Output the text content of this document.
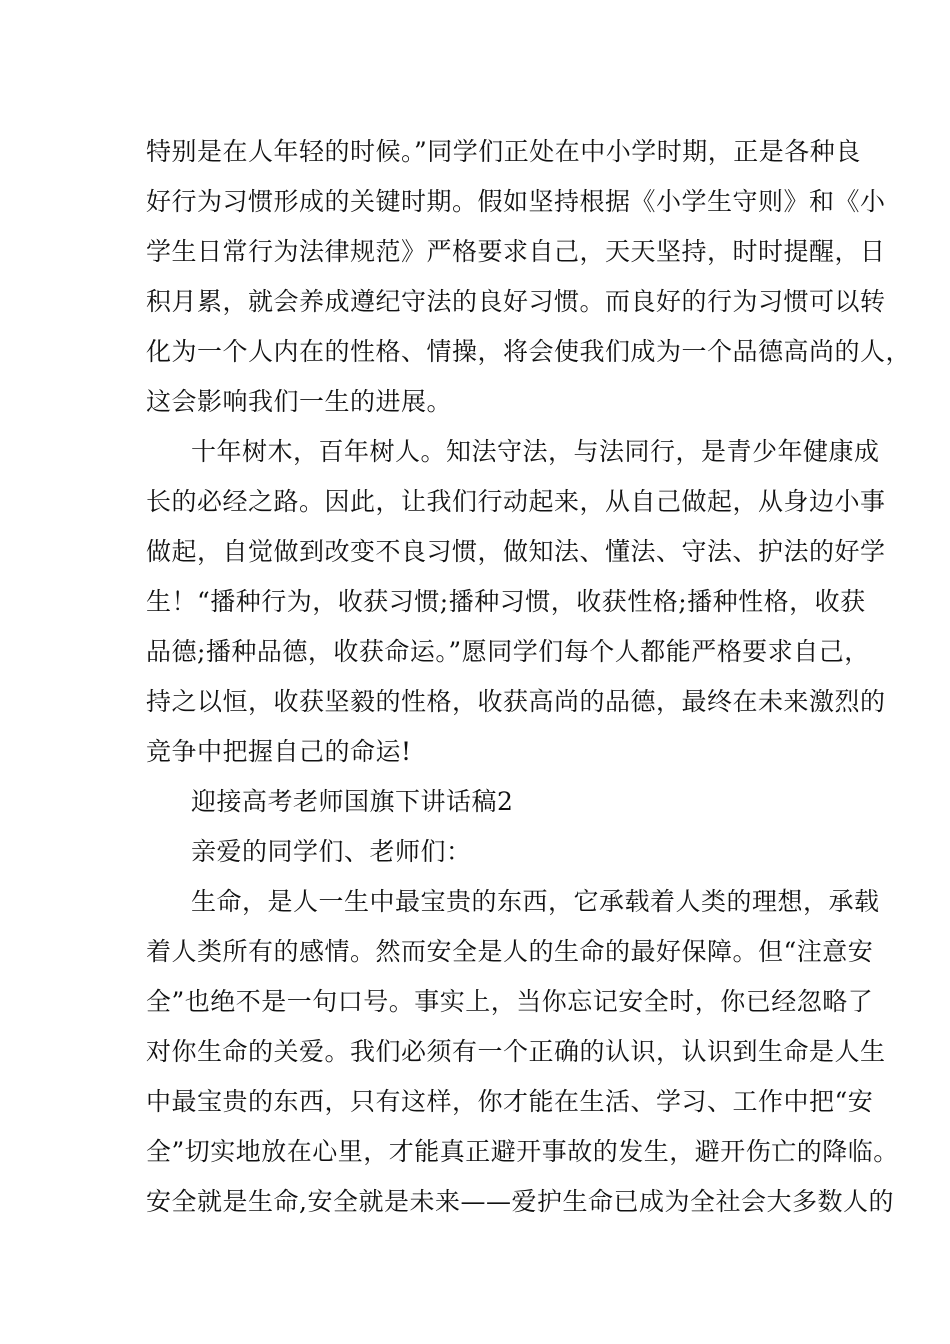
特别是在人年轻的时候。”同学们正处在中小学时期，正是各种良
好行为习惯形成的关键时期。假如坚持根据《小学生守则》和《小
学生日常行为法律规范》严格要求自己，天天坚持，时时提醒，日
积月累，就会养成遵纪守法的良好习惯。而良好的行为习惯可以转
化为一个人内在的性格、情操，将会使我们成为一个品德高尚的人，
这会影响我们一生的进展。
十年树木，百年树人。知法守法，与法同行，是青少年健康成
长的必经之路。因此，让我们行动起来，从自己做起，从身边小事
做起，自觉做到改变不良习惯，做知法、懂法、守法、护法的好学
生！“播种行为，收获习惯;播种习惯，收获性格;播种性格，收获
品德;播种品德，收获命运。”愿同学们每个人都能严格要求自己，
持之以恒，收获坚毅的性格，收获高尚的品德，最终在未来激烈的
竞争中把握自己的命运!
迎接高考老师国旗下讲话稿2
亲爱的同学们、老师们：
生命，是人一生中最宝贵的东西，它承载着人类的理想，承载
着人类所有的感情。然而安全是人的生命的最好保障。但“注意安
全”也绝不是一句口号。事实上，当你忘记安全时，你已经忽略了
对你生命的关爱。我们必须有一个正确的认识，认识到生命是人生
中最宝贵的东西，只有这样，你才能在生活、学习、工作中把“安
全”切实地放在心里，才能真正避开事故的发生，避开伤亡的降临。
安全就是生命,安全就是未来——爱护生命已成为全社会大多数人的
